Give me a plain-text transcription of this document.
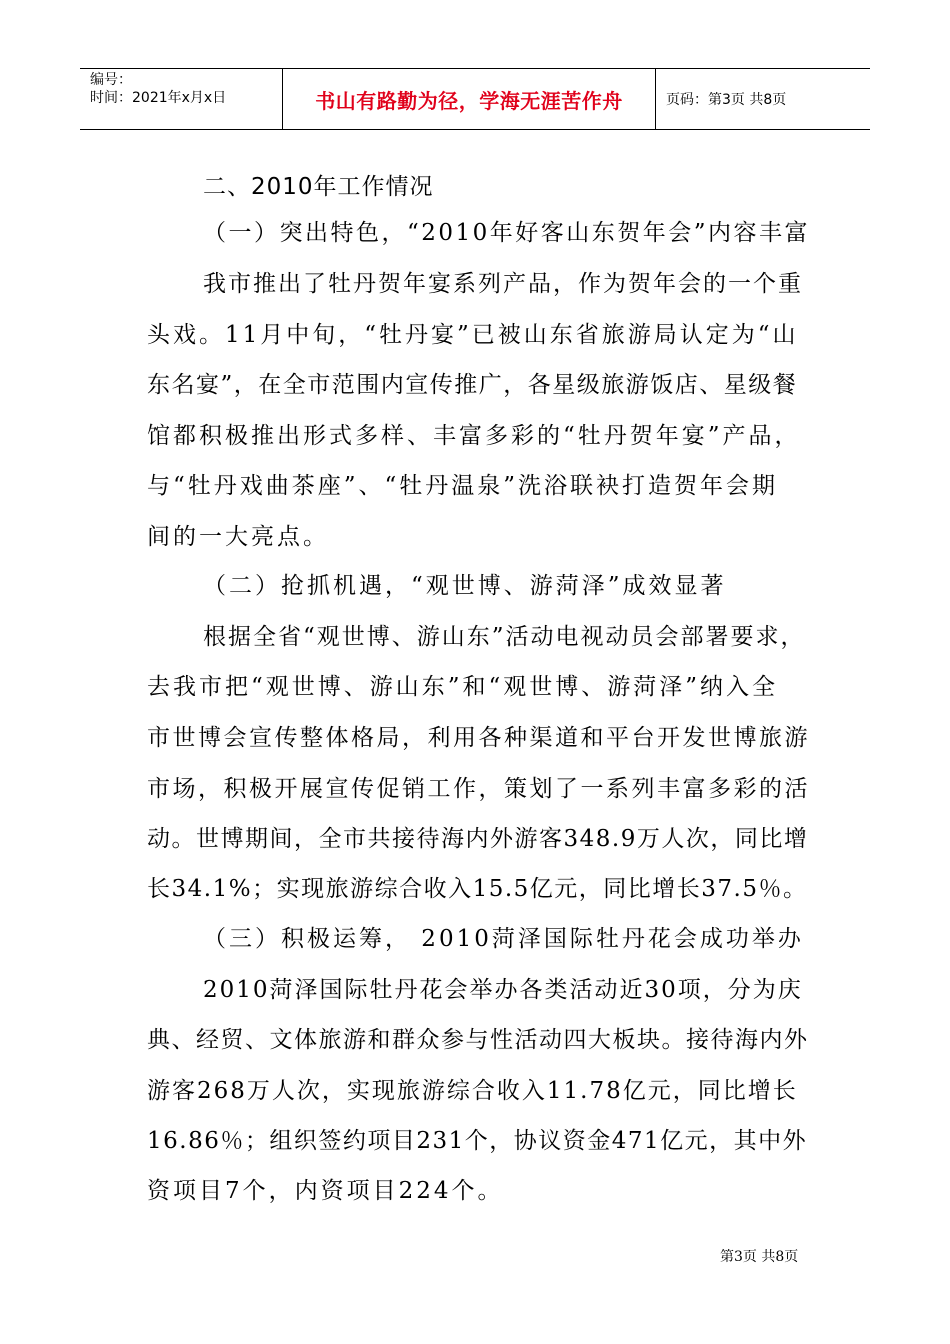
编号：
时间：2021年x月x日	书山有路勤为径，学海无涯苦作舟	页码：第3页 共8页
二、2010年工作情况
（一）突出特色，“2010年好客山东贺年会”内容丰富
我市推出了牡丹贺年宴系列产品，作为贺年会的一个重
头戏。11月中旬，“牡丹宴”已被山东省旅游局认定为“山
东名宴”，在全市范围内宣传推广，各星级旅游饭店、星级餐
馆都积极推出形式多样、丰富多彩的“牡丹贺年宴”产品，
与“牡丹戏曲茶座”、“牡丹温泉”洗浴联袂打造贺年会期
间的一大亮点。
（二）抢抓机遇，“观世博、游菏泽”成效显著
根据全省“观世博、游山东”活动电视动员会部署要求，
去我市把“观世博、游山东”和“观世博、游菏泽”纳入全
市世博会宣传整体格局，利用各种渠道和平台开发世博旅游
市场，积极开展宣传促销工作，策划了一系列丰富多彩的活
动。世博期间，全市共接待海内外游客348.9万人次，同比增
长34.1%；实现旅游综合收入15.5亿元，同比增长37.5％。
（三）积极运筹， 2010菏泽国际牡丹花会成功举办
2010菏泽国际牡丹花会举办各类活动近30项，分为庆
典、经贸、文体旅游和群众参与性活动四大板块。接待海内外
游客268万人次，实现旅游综合收入11.78亿元，同比增长
16.86％；组织签约项目231个，协议资金471亿元，其中外
资项目7个，内资项目224个。
第3页 共8页
